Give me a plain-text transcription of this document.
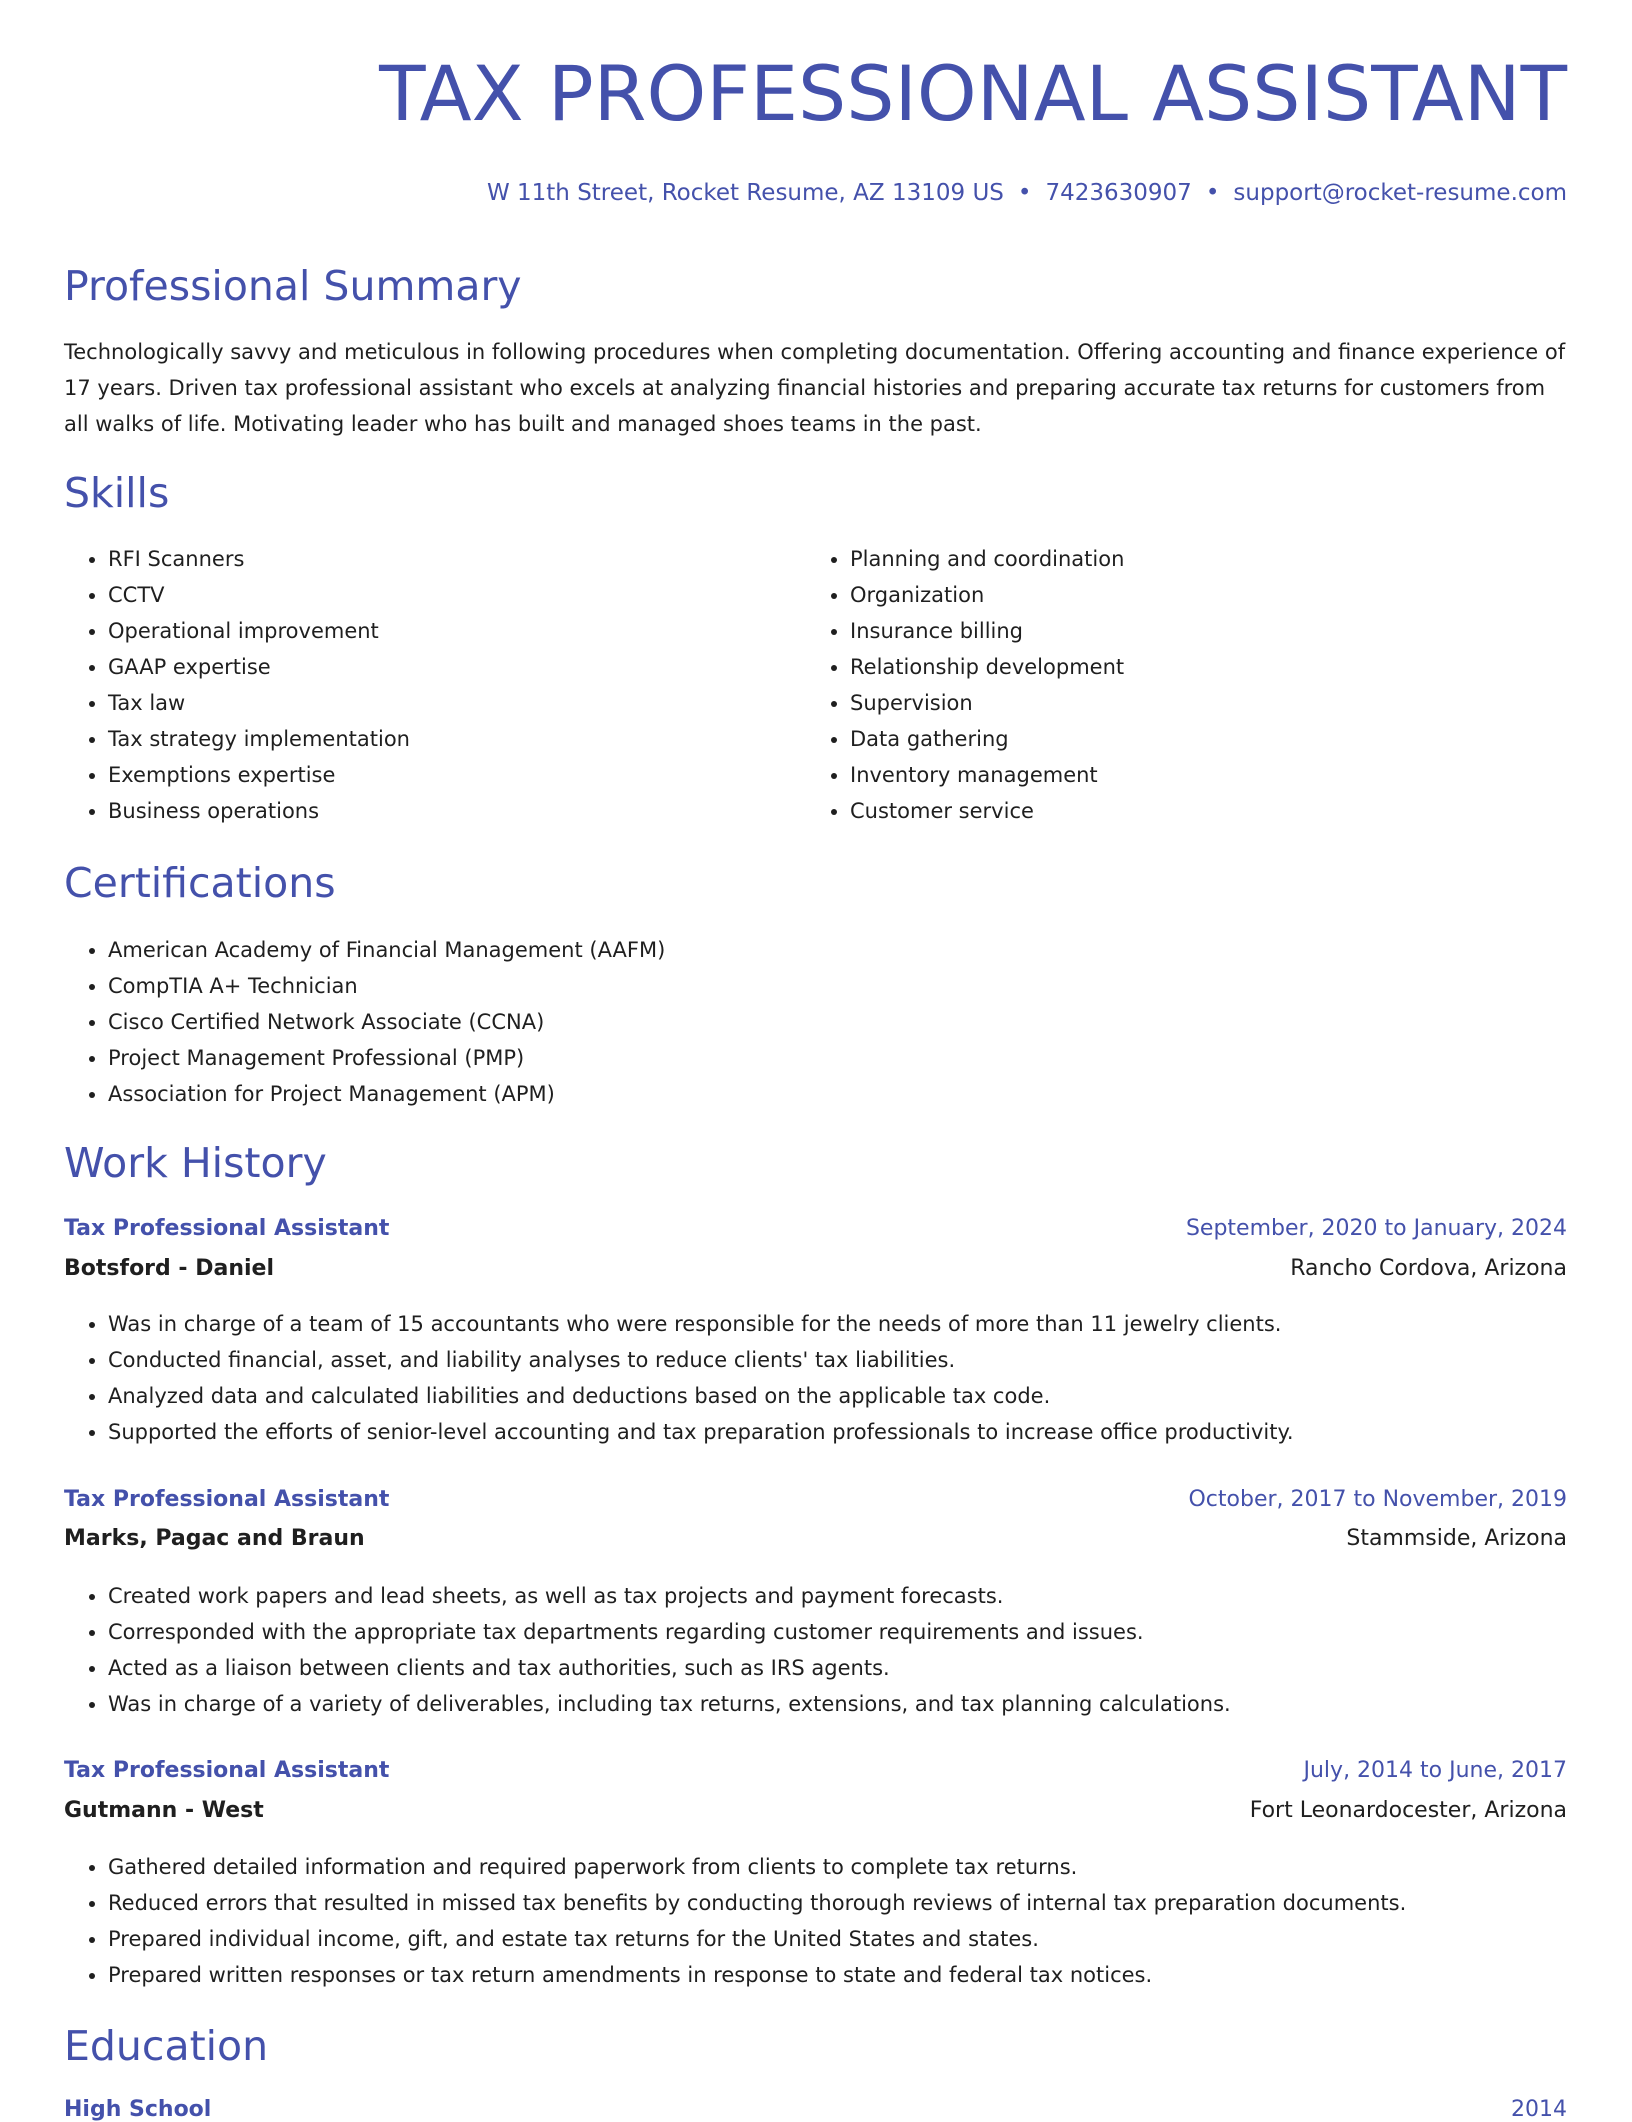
TAX PROFESSIONAL ASSISTANT
W 11th Street, Rocket Resume, AZ 13109 US • 7423630907 • support@rocket-resume.com
Professional Summary

Technologically savvy and meticulous in following procedures when completing documentation. Offering accounting and finance experience of 17 years. Driven tax professional assistant who excels at analyzing financial histories and preparing accurate tax returns for customers from all walks of life. Motivating leader who has built and managed shoes teams in the past.

Skills
• RFI Scanners
• CCTV
• Operational improvement
• GAAP expertise
• Tax law
• Tax strategy implementation
• Exemptions expertise
• Business operations
• Planning and coordination
• Organization
• Insurance billing
• Relationship development
• Supervision
• Data gathering
• Inventory management
• Customer service
Certifications
• American Academy of Financial Management (AAFM)
• CompTIA A+ Technician
• Cisco Certified Network Associate (CCNA)
• Project Management Professional (PMP)
• Association for Project Management (APM)
Work History
Tax Professional Assistant	September, 2020 to January, 2024
Botsford - Daniel	Rancho Cordova, Arizona
• Was in charge of a team of 15 accountants who were responsible for the needs of more than 11 jewelry clients.
• Conducted financial, asset, and liability analyses to reduce clients' tax liabilities.
• Analyzed data and calculated liabilities and deductions based on the applicable tax code.
• Supported the efforts of senior-level accounting and tax preparation professionals to increase office productivity.
Tax Professional Assistant	October, 2017 to November, 2019
Marks, Pagac and Braun	Stammside, Arizona
• Created work papers and lead sheets, as well as tax projects and payment forecasts.
• Corresponded with the appropriate tax departments regarding customer requirements and issues.
• Acted as a liaison between clients and tax authorities, such as IRS agents.
• Was in charge of a variety of deliverables, including tax returns, extensions, and tax planning calculations.
Tax Professional Assistant	July, 2014 to June, 2017
Gutmann - West	Fort Leonardocester, Arizona
• Gathered detailed information and required paperwork from clients to complete tax returns.
• Reduced errors that resulted in missed tax benefits by conducting thorough reviews of internal tax preparation documents.
• Prepared individual income, gift, and estate tax returns for the United States and states.
• Prepared written responses or tax return amendments in response to state and federal tax notices.
Education
High School	2014
